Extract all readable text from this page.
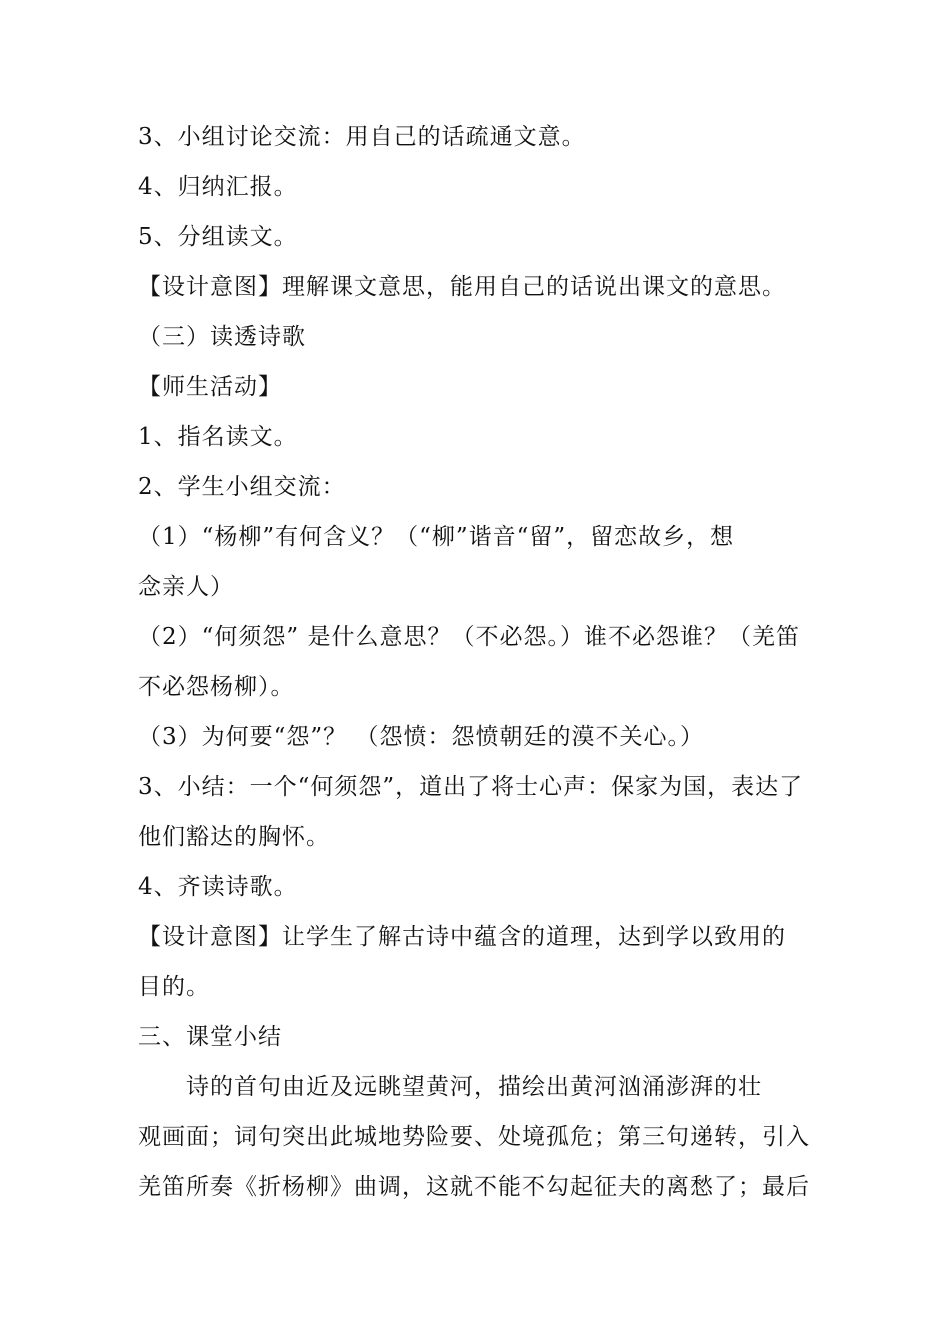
3、小组讨论交流：用自己的话疏通文意。
4、归纳汇报。
5、分组读文。
【设计意图】理解课文意思，能用自己的话说出课文的意思。
（三）读透诗歌
【师生活动】
1、指名读文。
2、学生小组交流：
（1）“杨柳”有何含义？（“柳”谐音“留”，留恋故乡，想
念亲人）
（2）“何须怨” 是什么意思？（不必怨。）谁不必怨谁？（羌笛
不必怨杨柳）。
（3）为何要“怨”？ （怨愤：怨愤朝廷的漠不关心。）
3、小结：一个“何须怨”，道出了将士心声：保家为国，表达了
他们豁达的胸怀。
4、齐读诗歌。
【设计意图】让学生了解古诗中蕴含的道理，达到学以致用的
目的。
三、课堂小结
诗的首句由近及远眺望黄河，描绘出黄河汹涌澎湃的壮
观画面；词句突出此城地势险要、处境孤危；第三句递转，引入
羌笛所奏《折杨柳》曲调，这就不能不勾起征夫的离愁了；最后
